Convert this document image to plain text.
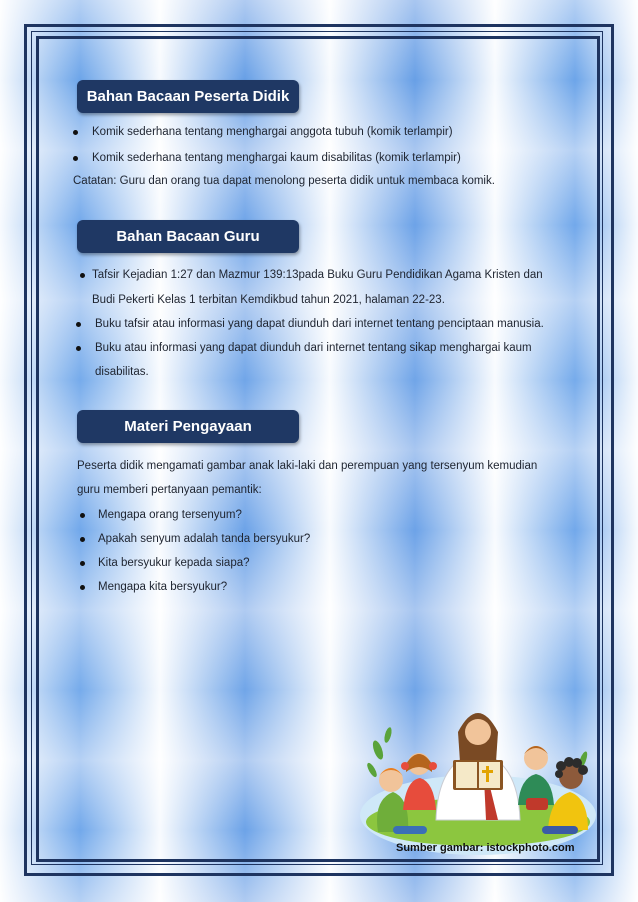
Bahan Bacaan Peserta Didik
Komik sederhana tentang menghargai anggota tubuh (komik terlampir)
Komik sederhana tentang menghargai kaum disabilitas (komik terlampir)
Catatan: Guru dan orang tua dapat menolong peserta didik untuk membaca komik.
Bahan Bacaan Guru
Tafsir Kejadian 1:27 dan Mazmur 139:13pada Buku Guru Pendidikan Agama Kristen dan
Budi Pekerti Kelas 1 terbitan Kemdikbud tahun 2021, halaman 22-23.
Buku tafsir atau informasi yang dapat diunduh dari internet tentang penciptaan manusia.
Buku atau informasi yang dapat diunduh dari internet tentang sikap menghargai kaum
disabilitas.
Materi Pengayaan
Peserta didik mengamati gambar anak laki-laki dan perempuan yang tersenyum kemudian
guru memberi pertanyaan pemantik:
Mengapa orang tersenyum?
Apakah senyum adalah tanda bersyukur?
Kita bersyukur kepada siapa?
Mengapa kita bersyukur?
Sumber gambar: istockphoto.com
